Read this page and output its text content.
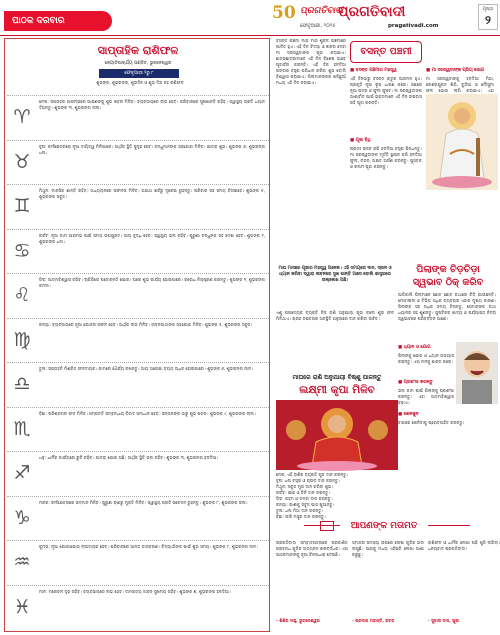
ପାଠକ ଦରବାର	50 ପ୍ରଗତିବାଦୀ
ପ୍ରଗତିବାଦୀ
ଫେବୃଆରୀ, ୨୦୨୫	pragativadi.com
ପୃଷ୍ଠା
୨
ସାପ୍ତାହିକ ରାଶିଫଳ
ଜ୍ୟୋତିଷାଚାର୍ଯ୍ୟ ପଣ୍ଡିତ, ଭୁବନେଶ୍ୱର
ଫେବୃଆରୀ ୨ରୁ ୮
ଶୁଭଙ୍କ, ଶୁଭରଙ୍ଗ, ଶୁଭଦିନ ଓ ଶୁଭ ଦିଗ ସହ ରାଶିଫଳ
♈
ମେଷ: ସପ୍ତାହର ଆରମ୍ଭରେ ଆପଣଙ୍କୁ ଶୁଭ ଖବର ମିଳିବ। ବ୍ୟବସାୟରେ ଲାଭ ହେବ। ପରିବାରରେ ସୁଖଶାନ୍ତି ରହିବ। ସ୍ୱାସ୍ଥ୍ୟ ପ୍ରତି ଧ୍ୟାନ ଦିଅନ୍ତୁ। ଶୁଭଙ୍କ ୩, ଶୁଭରଙ୍ଗ ଲାଲ।
♉
ବୃଷ: କର୍ମକ୍ଷେତ୍ରରେ ନୂଆ ଦାୟିତ୍ୱ ମିଳିପାରେ। ଆର୍ଥିକ ସ୍ଥିତି ସୁଦୃଢ ହେବ। ବନ୍ଧୁମାନଙ୍କ ସହଯୋଗ ମିଳିବ। ଯାତ୍ରା ଶୁଭ। ଶୁଭଙ୍କ ୬, ଶୁଭରଙ୍ଗ ଧଳା।
♊
ମିଥୁନ: ମାନସିକ ଶାନ୍ତି ରହିବ। ଅଧ୍ୟୟନରେ ସଫଳତା ମିଳିବ। ଅଯଥା ଖର୍ଚ୍ଚରୁ ଦୂରେଇ ରୁହନ୍ତୁ। ପରିବାର ସହ ସମୟ ବିତାଇବେ। ଶୁଭଙ୍କ ୫, ଶୁଭରଙ୍ଗ ସବୁଜ।
♋
କର୍କଟ: ନୂଆ କାମ ଆରମ୍ଭ ପାଇଁ ସମୟ ଉପଯୁକ୍ତ। ଆୟ ବୃଦ୍ଧି ହେବ। ସ୍ୱାସ୍ଥ୍ୟ ଭଲ ରହିବ। ପୁରୁଣା ବନ୍ଧୁଙ୍କ ସହ ଦେଖା ହେବ। ଶୁଭଙ୍କ ୨, ଶୁଭରଙ୍ଗ ଧଳା।
♌
ସିଂହ: ଆତ୍ମବିଶ୍ୱାସ ବଢିବ। ଚାକିରିରେ ପଦୋନ୍ନତି ଯୋଗ। ଘରେ ଶୁଭ କାର୍ଯ୍ୟ ହୋଇପାରେ। କ୍ରୋଧ ନିୟନ୍ତ୍ରଣ କରନ୍ତୁ। ଶୁଭଙ୍କ ୧, ଶୁଭରଙ୍ଗ କମଳା।
♍
କନ୍ୟା: ବ୍ୟବସାୟରେ ନୂଆ ଯୋଜନା ସଫଳ ହେବ। ଆର୍ଥିକ ଲାଭ ମିଳିବ। ଜୀବନସାଥୀଙ୍କ ସହଯୋଗ ମିଳିବ। ଶୁଭଙ୍କ ୫, ଶୁଭରଙ୍ଗ ସବୁଜ।
♎
ତୁଳା: ସପ୍ତାହଟି ମିଶ୍ରିତ ଫଳଦାୟକ। କାମରେ ଧୈର୍ଯ୍ୟ ରଖନ୍ତୁ। ଆୟ ଅପେକ୍ଷା ବ୍ୟୟ ଅଧିକ ହୋଇପାରେ। ଶୁଭଙ୍କ ୬, ଶୁଭରଙ୍ଗ ନୀଳ।
♏
ବିଛା: ପରିଶ୍ରମର ଫଳ ମିଳିବ। ସମ୍ପତ୍ତି ସମ୍ବନ୍ଧୀୟ ବିବାଦ ସମାଧାନ ହେବ। ସନ୍ତାନଙ୍କ ଠାରୁ ଶୁଭ ଖବର। ଶୁଭଙ୍କ ୯, ଶୁଭରଙ୍ଗ ଲାଲ।
♐
ଧନୁ: ଧାର୍ମିକ କାର୍ଯ୍ୟରେ ରୁଚି ବଢିବ। ଯାତ୍ରା ଯୋଗ ଅଛି। ଆର୍ଥିକ ସ୍ଥିତି ଭଲ ରହିବ। ଶୁଭଙ୍କ ୩, ଶୁଭରଙ୍ଗ ହଳଦିଆ।
♑
ମକର: କର୍ମକ୍ଷେତ୍ରରେ ସମ୍ମାନ ମିଳିବ। ପୁରୁଣା ଋଣରୁ ମୁକ୍ତି ମିଳିବ। ସ୍ୱାସ୍ଥ୍ୟ ପ୍ରତି ସଚେତନ ରୁହନ୍ତୁ। ଶୁଭଙ୍କ ୮, ଶୁଭରଙ୍ଗ କଳା।
♒
କୁମ୍ଭ: ନୂଆ ଯୋଗାଯୋଗ ଲାଭଦାୟକ ହେବ। ପରିବାରରେ ଆନନ୍ଦ ବାତାବରଣ। ବିଦ୍ୟାର୍ଥୀଙ୍କ ପାଇଁ ଶୁଭ ସମୟ। ଶୁଭଙ୍କ ୮, ଶୁଭରଙ୍ଗ ନୀଳ।
♓
ମୀନ: ମନୋବଳ ଦୃଢ ରହିବ। ବ୍ୟବସାୟରେ ଲାଭ ହେବ। ଦାମ୍ପତ୍ୟ ଜୀବନ ସୁଖମୟ ରହିବ। ଶୁଭଙ୍କ ୭, ଶୁଭରଙ୍ଗ ହଳଦିଆ।
ବସନ୍ତ ପଞ୍ଚମୀ ମାଘ ମାସ ଶୁକ୍ଳ ପଞ୍ଚମୀରେ ପାଳିତ ହୁଏ। ଏହି ଦିନ ବିଦ୍ୟା ଓ ଜ୍ଞାନର ଦେବୀ ମା ସରସ୍ୱତୀଙ୍କ ପୂଜା କରାଯାଏ। ଛାତ୍ରଛାତ୍ରୀମାନେ ଏହି ଦିନ ବିଶେଷ ଭାବେ ପୂଜାର୍ଚ୍ଚନା କରନ୍ତି। ଏହି ଦିନ ହଳଦିଆ ରଙ୍ଗର ବସ୍ତ୍ର ପରିଧାନ କରିବା ଶୁଭ ବୋଲି ବିଶ୍ୱାସ କରାଯାଏ। ପିଲାମାନଙ୍କର ଖଡିଛୁଆଁ ମଧ୍ୟ ଏହି ଦିନ କରାଯାଏ।
ବସନ୍ତ ପଞ୍ଚମୀ
■ ବସନ୍ତ ପଞ୍ଚମୀର ମହତ୍ତ୍ୱ
ଏହି ଦିନଠାରୁ ବସନ୍ତ ଋତୁର ଆଗମନ ହୁଏ। ପ୍ରକୃତି ନୂଆ ରୂପ ଧାରଣ କରେ। ଗଛରେ ନୂଆ ପତ୍ର ଓ ଫୁଲ ଫୁଟେ। ମା ସରସ୍ୱତୀଙ୍କ ଆଶୀର୍ବାଦ ପାଇଁ ଭକ୍ତମାନେ ଏହି ଦିନ ଉପବାସ ରହି ପୂଜା କରନ୍ତି।
■ ପୂଜା ବିଧି
ପ୍ରାତଃ ସ୍ନାନ କରି ହଳଦିଆ ବସ୍ତ୍ର ପିନ୍ଧନ୍ତୁ। ମା ସରସ୍ୱତୀଙ୍କ ମୂର୍ତ୍ତି ସ୍ଥାପନ କରି ହଳଦିଆ ଫୁଲ, ଚନ୍ଦନ, ଅକ୍ଷତ ଅର୍ପଣ କରନ୍ତୁ। ପୁସ୍ତକ ଓ କଲମ ପୂଜା କରନ୍ତୁ।
■ ମା ସରସ୍ୱତୀଙ୍କ ପ୍ରିୟ ଭୋଗ
ମା ସରସ୍ୱତୀଙ୍କୁ ହଳଦିଆ ମିଠା, କେଶରଯୁକ୍ତ ଖିରି, ବୁନ୍ଦିଆ ଓ ମୌସୁମୀ ଫଳ ଭୋଗ ଲାଗି କରାଯାଏ। ଏହା
ମାଘ ମାସରେ ପୂଜାର ମହତ୍ତ୍ୱ ଅନେକ। ଏହି ସମୟରେ ଦାନ, ସ୍ନାନ ଓ ଧ୍ୟାନ କରିବା ଦ୍ୱାରା ଜୀବନରେ ସୁଖ ଶାନ୍ତି ଆସେ ବୋଲି ଶାସ୍ତ୍ରରେ ଉଲ୍ଲେଖ ଅଛି।
ଏଣୁ ପ୍ରତ୍ୟେକ ବ୍ୟକ୍ତି ନିଜ ରାଶି ଅନୁଯାୟୀ ପୂଜା କଲେ ଶୁଭ ଫଳ ମିଳିଥାଏ। ଗ୍ରହ ନକ୍ଷତ୍ରର ଅବସ୍ଥିତି ଅନୁସାରେ ଦାନ କରିବା ଉଚିତ।
ପିଲାଙ୍କ ଚିଡ଼ଚିଡ଼ା
ସ୍ୱଭାବ ଠିକ୍ କରିବ
ଆଜିକାଲି ପିଲାମାନେ ଛୋଟ ଛୋଟ କଥାରେ ଚିଡ଼ି ଯାଉଛନ୍ତି। ମୋବାଇଲ ଓ ଟିଭିର ଅଧିକ ବ୍ୟବହାର ଏହାର ମୁଖ୍ୟ କାରଣ। ପିଲାଙ୍କ ସହ ଅଧିକ ସମୟ ବିତାନ୍ତୁ, ସେମାନଙ୍କ କଥା ଧ୍ୟାନର ସହ ଶୁଣନ୍ତୁ। ପୁଷ୍ଟିକର ଖାଦ୍ୟ ଓ ପର୍ଯ୍ୟାପ୍ତ ନିଦ୍ରା ସ୍ୱଭାବରେ ପରିବର୍ତ୍ତନ ଆଣେ।
■ ଧ୍ୟାନ ଓ ଯୋଗ
ପିଲାଙ୍କୁ ଯୋଗ ଓ ଧ୍ୟାନ ଅଭ୍ୟାସ କରାନ୍ତୁ। ଏହା ମନକୁ ଶାନ୍ତ କରେ।
■ ପ୍ରଶଂସା କରନ୍ତୁ
ଭଲ କାମ ପାଇଁ ପିଲାଙ୍କୁ ପ୍ରଶଂସା କରନ୍ତୁ। ଏହା ଆତ୍ମବିଶ୍ୱାସ ବଢାଏ।
■ ଖେଳକୁଦ
ବାହାରେ ଖେଳିବାକୁ ପ୍ରୋତ୍ସାହିତ କରନ୍ତୁ।
ମାଘରେ ରାଶି ଅନୁଯାୟୀ ବିଷ୍ଣୁ ପାଳନ୍ତୁ
ଲକ୍ଷ୍ମୀ କୃପା ମିଳିବ
ମେଷ: ଏହି ରାଶିର ବ୍ୟକ୍ତି ଗୁଡ ଦାନ କରନ୍ତୁ।
ବୃଷ: ଧଳା ବସ୍ତ୍ର ଓ ଚାଉଳ ଦାନ କରନ୍ତୁ।
ମିଥୁନ: ସବୁଜ ମୁଗ ଦାନ କରିବା ଶୁଭ।
କର୍କଟ: କ୍ଷୀର ଓ ଚିନି ଦାନ କରନ୍ତୁ।
ସିଂହ: ଗହମ ଓ ତମ୍ବା ଦାନ କରନ୍ତୁ।
କନ୍ୟା: ଗାଈକୁ ସବୁଜ ଘାସ ଖୁଆନ୍ତୁ।
ତୁଳା: ଧଳା ମିଠା ଦାନ କରନ୍ତୁ।
ବିଛା: ନାଲି ମସୁର ଦାନ କରନ୍ତୁ।
ଆପଣଙ୍କ ମତାମତ
ପ୍ରଗତିବାଦୀ ସମ୍ବାଦପତ୍ରରେ ପ୍ରକାଶିତ ପ୍ରବନ୍ଧ ଗୁଡିକ ଅତ୍ୟନ୍ତ ଜ୍ଞାନବର୍ଦ୍ଧକ। ଏହା ପାଠକମାନଙ୍କୁ ନୂଆ ଚିନ୍ତାଧାରା ଦେଉଛି।
- ଶିଶିର ସାହୁ, ଭୁବନେଶ୍ୱର
ସମାଜର ସମସ୍ୟା ଉପରେ ଲେଖା ଗୁଡିକ ଭଲ ଲାଗୁଛି। ଆଗକୁ ମଧ୍ୟ ଏହିପରି ଲେଖା ଆଶା କରୁଛୁ।
- ପ୍ରଦୀପ ମହାନ୍ତି, କଟକ
ରାଶିଫଳ ଓ ଧାର୍ମିକ ଲେଖା ପଢି ଖୁସି ଲାଗିଲା। ଧନ୍ୟବାଦ ପ୍ରଗତିବାଦୀ।
- ସୁଜାତା ଦାସ, ପୁରୀ
